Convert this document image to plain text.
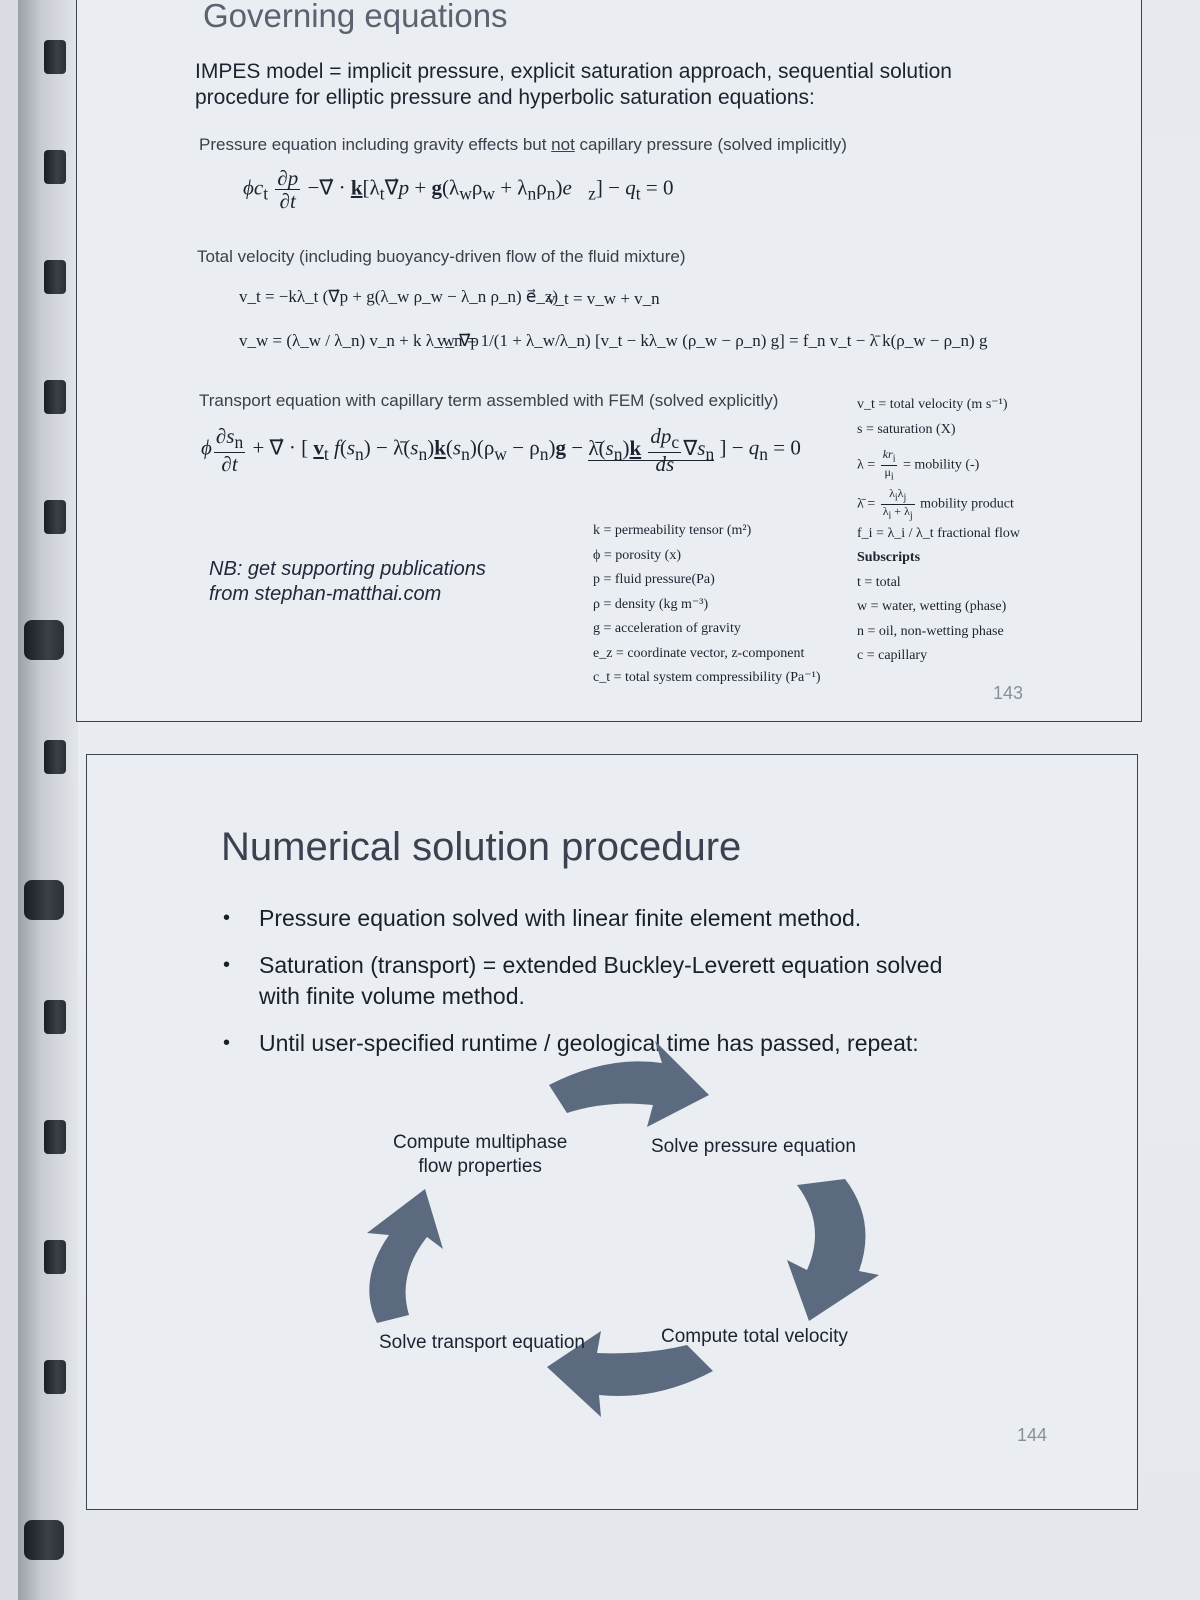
Governing equations
IMPES model = implicit pressure, explicit saturation approach, sequential solution procedure for elliptic pressure and hyperbolic saturation equations:
Pressure equation including gravity effects but not capillary pressure (solved implicitly)
$\phi c_t \frac{\partial p}{\partial t}$ −∇⃗ · $k[\lambda_t\nabla⃗p + g(\lambda_w\rho_w$ + $\lambda_n\rho_n)e⃗_z] - q_t = 0$
Total velocity (including buoyancy-driven flow of the fluid mixture)
v_t = −kλ_t (∇⃗p + g(λ_w ρ_w − λ_n ρ_n) e⃗_z)
v_t = v_w + v_n
v_w = (λ_w / λ_n) v_n + k λ_w ∇⃗p
v_n = 1/(1 + λ_w/λ_n) [v_t − kλ_w (ρ_w − ρ_n) g] = f_n v_t − λ̄ k(ρ_w − ρ_n) g
Transport equation with capillary term assembled with FEM (solved explicitly)
ϕ $\frac{\partial s_n}{\partial t}$ + ∇⃗ · [ $v_t$ $f(s_n)$ − $\lambdā(s_n)k(s_n)(\rho_w - \rho_n)g$ − $\lambdā(s_n)k \frac{dp_c}{ds} \nabla s_n$ ] − $q_n = 0$
v_t = total velocity (m s⁻¹)
s = saturation (X)
$\lambda = \frac{kr_i}{\mu_i}$ = mobility (-)
λ̄ = $\frac{\lambda_i\lambda_j}{\lambda_i + \lambda_j}$ mobility product
f_i = λ_i / λ_t fractional flow
Subscripts
t = total
w = water, wetting (phase)
n = oil, non-wetting phase
c = capillary
k = permeability tensor (m²)
ϕ = porosity (x)
p = fluid pressure(Pa)
ρ = density (kg m⁻³)
g = acceleration of gravity
e_z = coordinate vector, z-component
c_t = total system compressibility (Pa⁻¹)
NB: get supporting publications
from stephan-matthai.com
143
Numerical solution procedure
• Pressure equation solved with linear finite element method.
• Saturation (transport) = extended Buckley-Leverett equation solved with finite volume method.
• Until user-specified runtime / geological time has passed, repeat:
Compute multiphase
flow properties
Solve pressure equation
Compute total velocity
Solve transport equation
144
